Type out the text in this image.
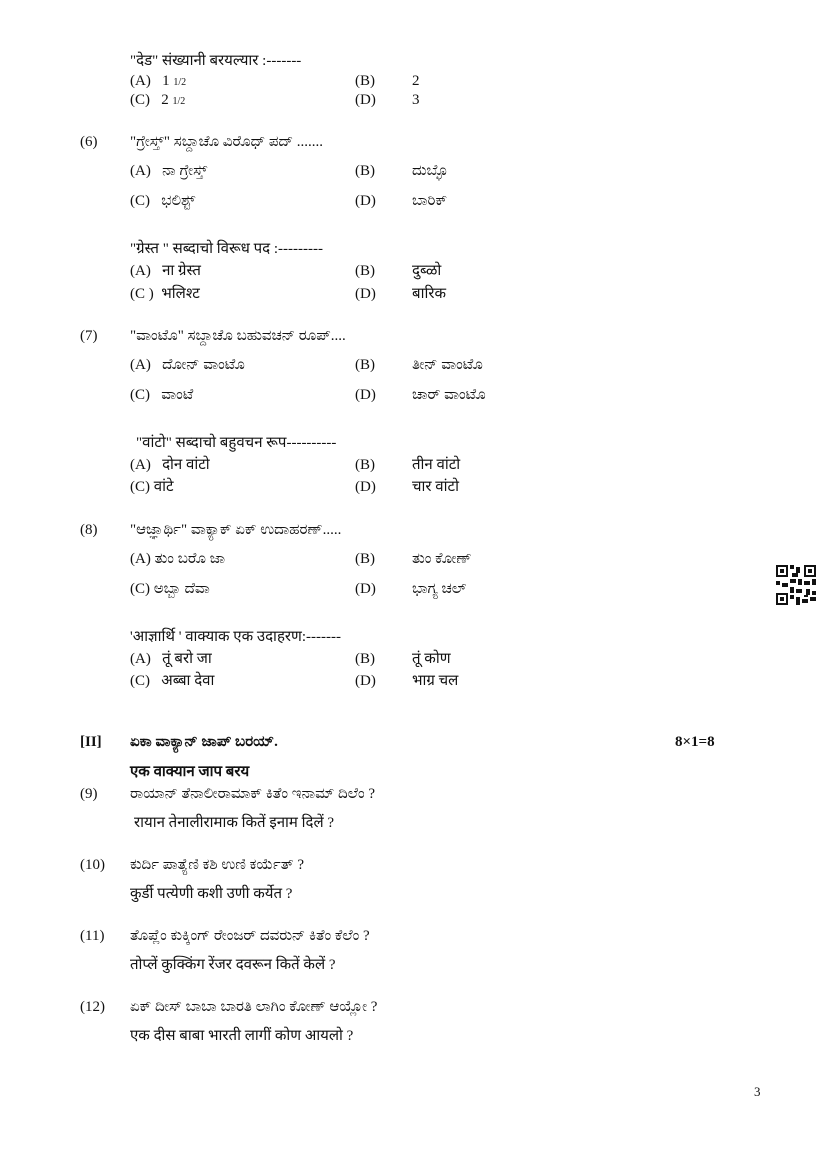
"देड" संख्यानी बरयल्यार :-------
(A) 1 1/2	(B) 2
(C) 2 1/2	(D) 3
(6) "ಗ್ರೇಸ್ತ್" ಸಬ್ದಾಚೊ ವಿರೊಧ್ ಪದ್ .......
(A) ನಾ ಗ್ರೇಸ್ತ್	(B) ದುಬ್ಳೊ
(C) ಭಲಿಶ್ಟ್	(D) ಬಾರಿಕ್
"ग्रेस्त " सब्दाचो विरूध पद :---------
(A) ना ग्रेस्त	(B) दुब्ळो
(C ) भलिश्ट	(D) बारिक
(7) "ವಾಂಟೊ" ಸಬ್ದಾಚೊ ಬಹುವಚನ್ ರೂಪ್....
(A) ದೋನ್ ವಾಂಟೊ	(B) ತೀನ್ ವಾಂಟೊ
(C) ವಾಂಟೆ	(D) ಚಾರ್ ವಾಂಟೊ
"वांटो" सब्दाचो बहुवचन रूप----------
(A) दोन वांटो	(B) तीन वांटो
(C) वांटे	(D) चार वांटो
(8) "ಆಜ್ಞಾರ್ಥಿ" ವಾಕ್ಯಾಕ್ ಏಕ್ ಉದಾಹರಣ್.....
(A) ತುಂ ಬರೊ ಜಾ	(B) ತುಂ ಕೋಣ್
(C) ಅಬ್ಬಾ ದೆವಾ	(D) ಭಾಗ್ಯ ಚಲ್
'आज्ञार्थि ' वाक्याक एक उदाहरण:-------
(A) तूं बरो जा	(B) तूं कोण
(C) अब्बा देवा	(D) भाग्र चल
[II] ಏಕಾ ವಾಕ್ಯಾನ್ ಜಾಪ್ ಬರಯ್.	8×1=8
एक वाक्यान जाप बरय
(9) ರಾಯಾನ್ ತೆನಾಲೀರಾಮಾಕ್ ಕಿತೆಂ ಇನಾಮ್ ದಿಲೆಂ ?
रायान तेनालीरामाक कितें इनाम दिलें ?
(10) ಕುರ್ದಿ ಪಾತ್ಯೆಣಿ ಕಶಿ ಉಣಿ ಕರ್ಯೆತ್ ?
कुर्डी पत्येणी कशी उणी कर्येत ?
(11) ತೊಪ್ಲೆಂ ಕುಕ್ಕಿಂಗ್ ರೇಂಜರ್ ದವರುನ್ ಕಿತೆಂ ಕೆಲೆಂ ?
तोप्लें कुक्किंग रेंजर दवरून कितें केलें ?
(12) ಏಕ್ ದೀಸ್ ಬಾಬಾ ಬಾರತಿ ಲಾಗಿಂ ಕೋಣ್ ಆಯ್ಲೋ ?
एक दीस बाबा भारती लागीं कोण आयलो ?
3
